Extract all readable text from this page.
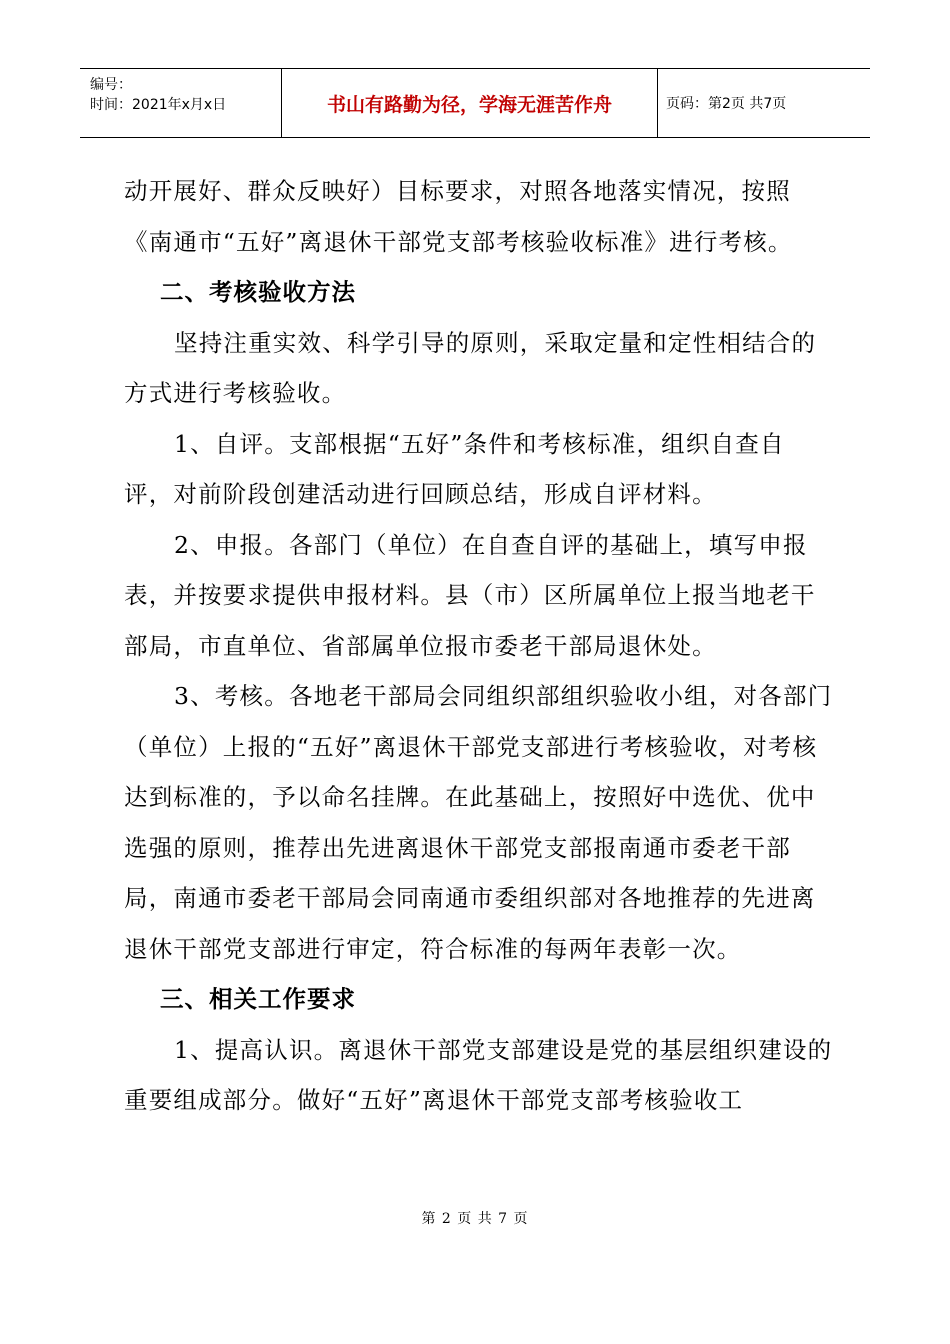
编号：
时间：2021年x月x日	书山有路勤为径，学海无涯苦作舟	页码：第2页 共7页

动开展好、群众反映好）目标要求，对照各地落实情况，按照《南通市“五好”离退休干部党支部考核验收标准》进行考核。

二、考核验收方法

坚持注重实效、科学引导的原则，采取定量和定性相结合的方式进行考核验收。

1、自评。支部根据“五好”条件和考核标准，组织自查自评，对前阶段创建活动进行回顾总结，形成自评材料。

2、申报。各部门（单位）在自查自评的基础上，填写申报表，并按要求提供申报材料。县（市）区所属单位上报当地老干部局，市直单位、省部属单位报市委老干部局退休处。

3、考核。各地老干部局会同组织部组织验收小组，对各部门（单位）上报的“五好”离退休干部党支部进行考核验收，对考核达到标准的，予以命名挂牌。在此基础上，按照好中选优、优中选强的原则，推荐出先进离退休干部党支部报南通市委老干部局，南通市委老干部局会同南通市委组织部对各地推荐的先进离退休干部党支部进行审定，符合标准的每两年表彰一次。

三、相关工作要求

1、提高认识。离退休干部党支部建设是党的基层组织建设的重要组成部分。做好“五好”离退休干部党支部考核验收工

第 2 页 共 7 页
